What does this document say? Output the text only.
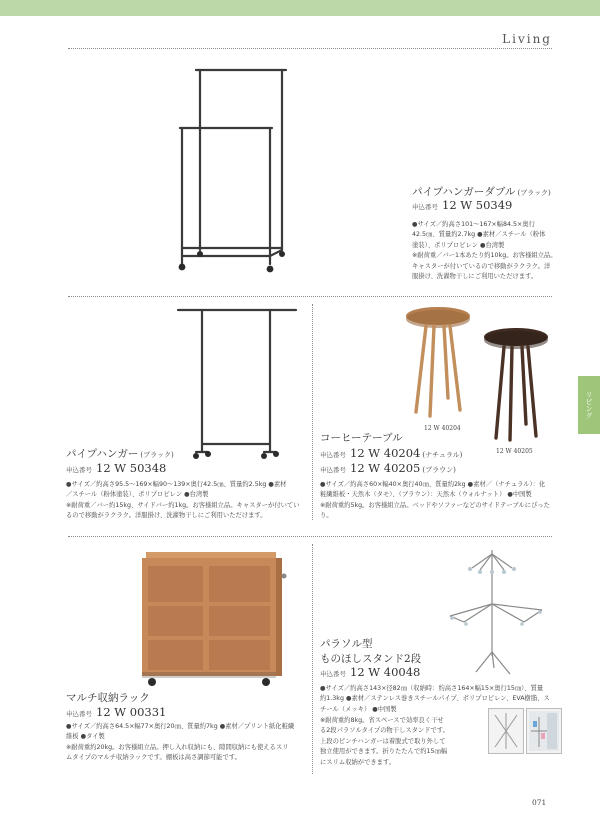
Living
リビング
パイプハンガーダブル (ブラック)
申込番号 12 W 50349
●サイズ／約高さ101〜167×幅84.5×奥行
42.5㎝、質量約2.7kg ●素材／スチール（粉体
塗装）、ポリプロピレン ●台湾製
※耐荷重／バー1本あたり約10kg。お客様組立品。
キャスターが付いているので移動がラクラク。洋
服掛け、洗濯物干しにご利用いただけます。
パイプハンガー (ブラック)
申込番号 12 W 50348
●サイズ／約高さ95.5〜169×幅90〜139×奥行42.5㎝、質量約2.5kg ●素材
／スチール（粉体塗装）、ポリプロピレン ●台湾製
※耐荷重／バー約15kg、サイドバー約1kg。お客様組立品。キャスターが付いてい
るので移動がラクラク。洋服掛け、洗濯物干しにご利用いただけます。
12 W 40204
12 W 40205
コーヒーテーブル
申込番号 12 W 40204 (ナチュラル)
申込番号 12 W 40205 (ブラウン)
●サイズ／約高さ60×幅40×奥行40㎝、質量約2kg ●素材／（ナチュラル）：化
粧繊維板・天然木（タモ）、（ブラウン）：天然木（ウォルナット） ●中国製
※耐荷重約5kg。お客様組立品。ベッドやソファーなどのサイドテーブルにぴった
り。
マルチ収納ラック
申込番号 12 W 00331
●サイズ／約高さ64.5×幅77×奥行20㎝、質量約7kg ●素材／プリント紙化粧繊
維板 ●タイ製
※耐荷重約20kg。お客様組立品。押し入れ収納にも、隙間収納にも使えるスリ
ムタイプのマルチ収納ラックです。棚板は高さ調節可能です。
パラソル型
ものほしスタンド2段
申込番号 12 W 40048
●サイズ／約高さ143×径82㎝（収納時：約高さ164×幅15×奥行15㎝）、質量
約1.3kg ●素材／ステンレス巻きスチールパイプ、ポリプロピレン、EVA樹脂、ス
チール（メッキ） ●中国製
※耐荷重約8kg。省スペースで効率良く干せ
る2段パラソルタイプの物干しスタンドです。
上段のピンチハンガーは着脱式で取り外して
独立使用ができます。折りたたんで約15㎝幅
にスリム収納ができます。
071
